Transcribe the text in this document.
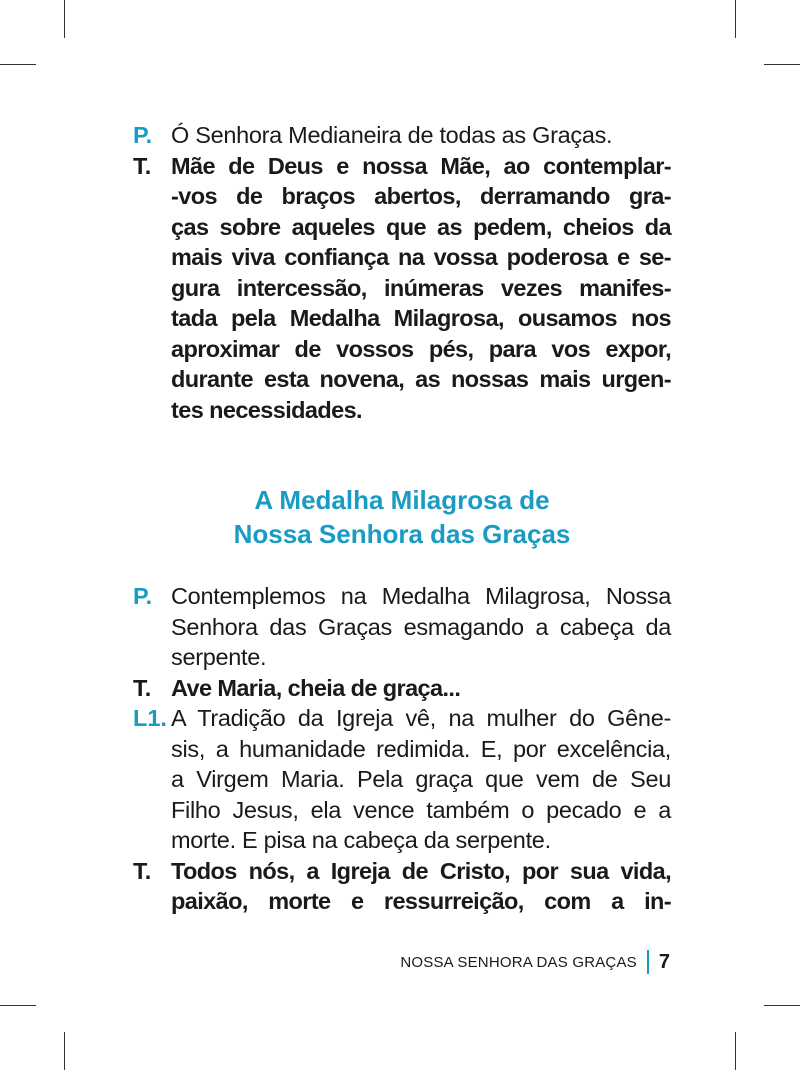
P. Ó Senhora Medianeira de todas as Graças.
T. Mãe de Deus e nossa Mãe, ao contemplar-
-vos de braços abertos, derramando gra-
ças sobre aqueles que as pedem, cheios da
mais viva confiança na vossa poderosa e se-
gura intercessão, inúmeras vezes manifes-
tada pela Medalha Milagrosa, ousamos nos
aproximar de vossos pés, para vos expor,
durante esta novena, as nossas mais urgen-
tes necessidades.
A Medalha Milagrosa de
Nossa Senhora das Graças
P. Contemplemos na Medalha Milagrosa, Nossa
Senhora das Graças esmagando a cabeça da
serpente.
T. Ave Maria, cheia de graça...
L1. A Tradição da Igreja vê, na mulher do Gêne-
sis, a humanidade redimida. E, por excelência,
a Virgem Maria. Pela graça que vem de Seu
Filho Jesus, ela vence também o pecado e a
morte. E pisa na cabeça da serpente.
T. Todos nós, a Igreja de Cristo, por sua vida,
paixão, morte e ressurreição, com a in-
NOSSA SENHORA DAS GRAÇAS 7
